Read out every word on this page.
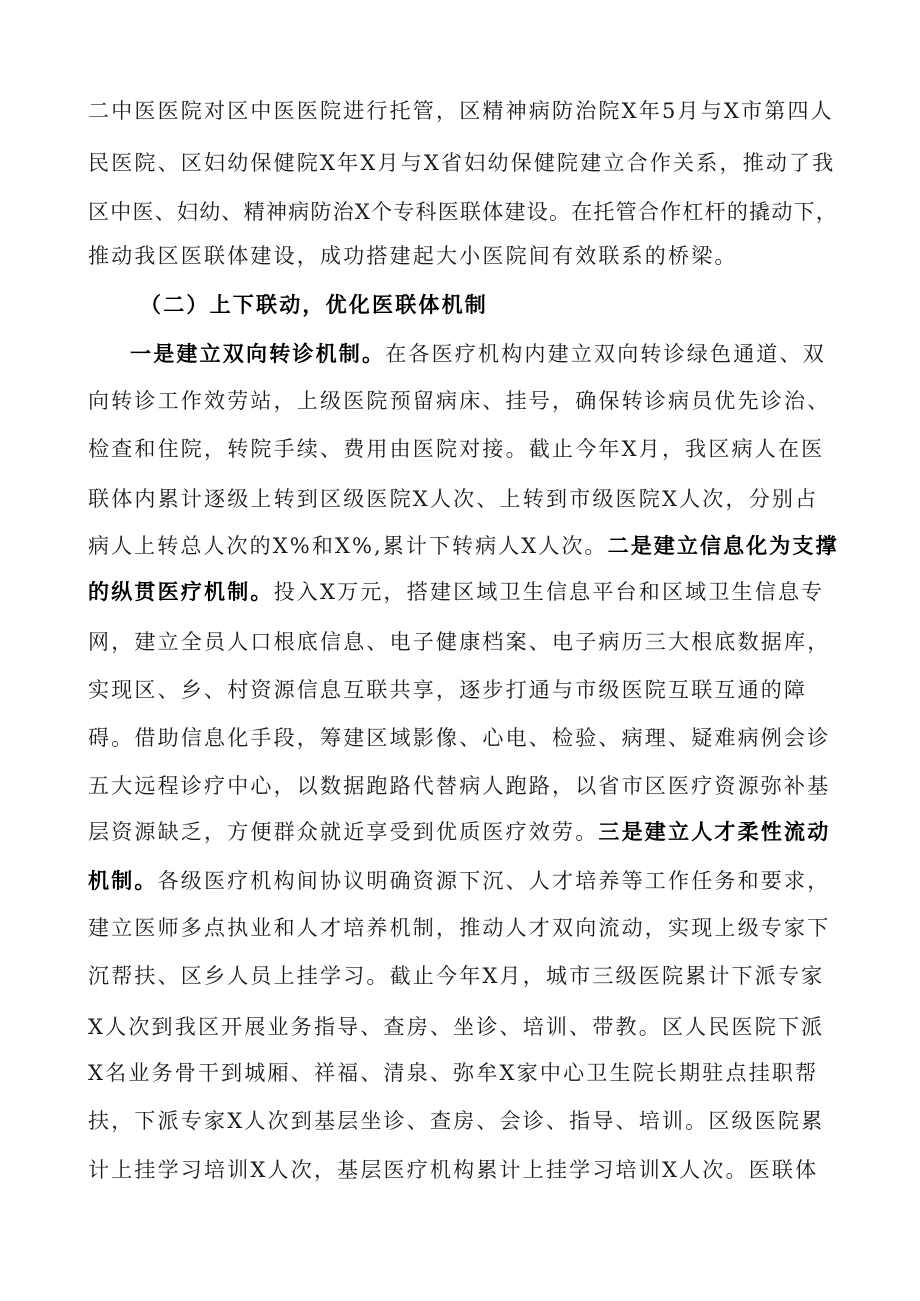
二中医医院对区中医医院进行托管，区精神病防治院X年5月与X市第四人
民医院、区妇幼保健院X年X月与X省妇幼保健院建立合作关系，推动了我
区中医、妇幼、精神病防治X个专科医联体建设。在托管合作杠杆的撬动下，
推动我区医联体建设，成功搭建起大小医院间有效联系的桥梁。
（二）上下联动，优化医联体机制
一是建立双向转诊机制。在各医疗机构内建立双向转诊绿色通道、双
向转诊工作效劳站，上级医院预留病床、挂号，确保转诊病员优先诊治、
检查和住院，转院手续、费用由医院对接。截止今年X月，我区病人在医
联体内累计逐级上转到区级医院X人次、上转到市级医院X人次，分别占
病人上转总人次的X%和X%,累计下转病人X人次。二是建立信息化为支撑
的纵贯医疗机制。投入X万元，搭建区域卫生信息平台和区域卫生信息专
网，建立全员人口根底信息、电子健康档案、电子病历三大根底数据库，
实现区、乡、村资源信息互联共享，逐步打通与市级医院互联互通的障
碍。借助信息化手段，筹建区域影像、心电、检验、病理、疑难病例会诊
五大远程诊疗中心，以数据跑路代替病人跑路，以省市区医疗资源弥补基
层资源缺乏，方便群众就近享受到优质医疗效劳。三是建立人才柔性流动
机制。各级医疗机构间协议明确资源下沉、人才培养等工作任务和要求，
建立医师多点执业和人才培养机制，推动人才双向流动，实现上级专家下
沉帮扶、区乡人员上挂学习。截止今年X月，城市三级医院累计下派专家
X人次到我区开展业务指导、查房、坐诊、培训、带教。区人民医院下派
X名业务骨干到城厢、祥福、清泉、弥牟X家中心卫生院长期驻点挂职帮
扶，下派专家X人次到基层坐诊、查房、会诊、指导、培训。区级医院累
计上挂学习培训X人次，基层医疗机构累计上挂学习培训X人次。医联体
